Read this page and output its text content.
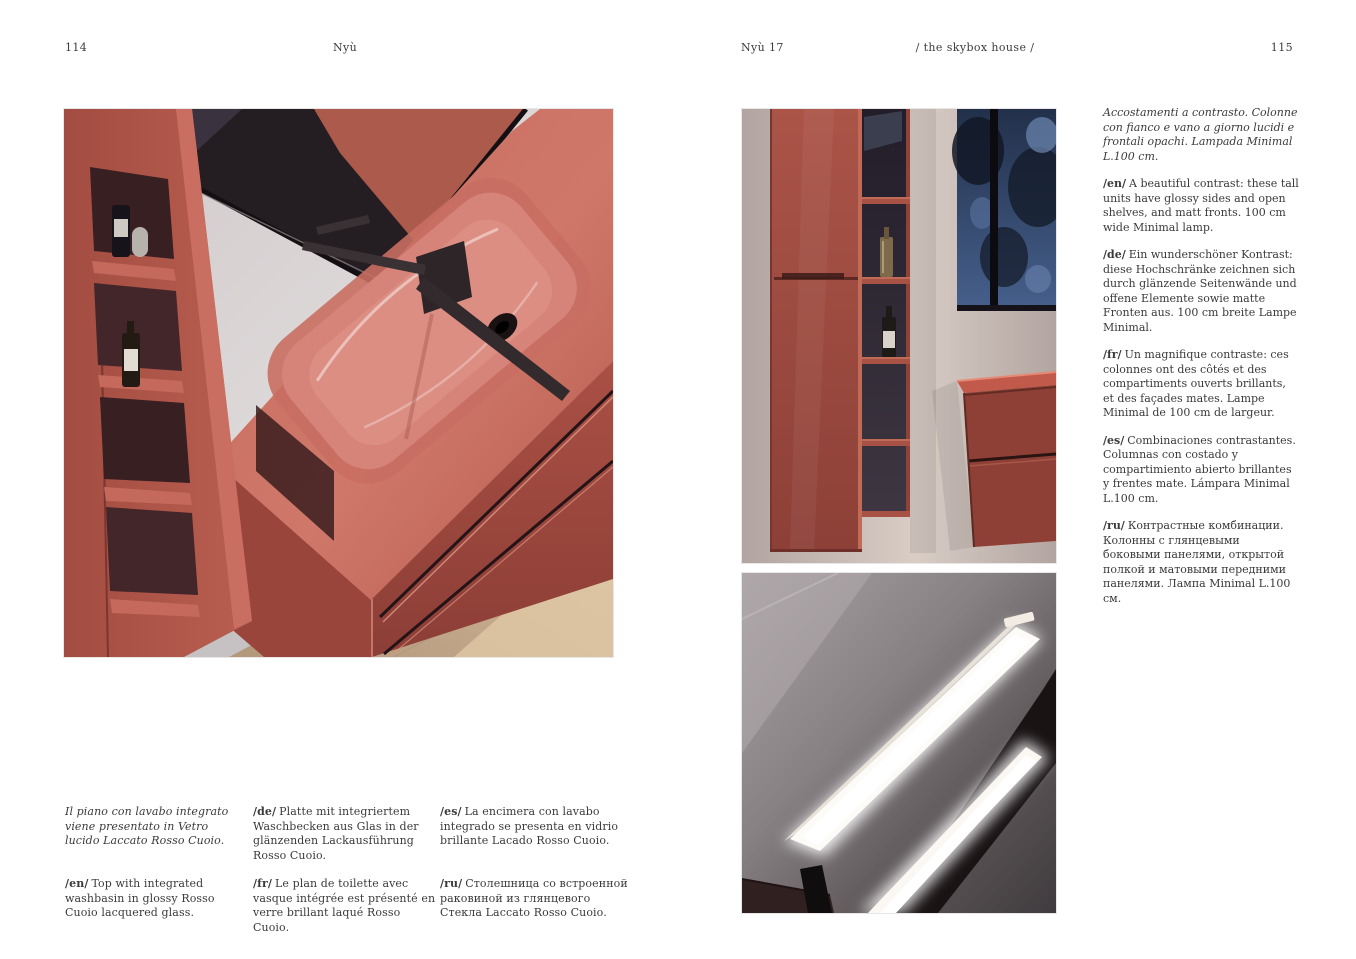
114	Nyù	Nyù 17	/ the skybox house /	115
Il piano con lavabo integrato viene presentato in Vetro lucido Laccato Rosso Cuoio.
/de/ Platte mit integriertem Waschbecken aus Glas in der glänzenden Lackausführung Rosso Cuoio.
/es/ La encimera con lavabo integrado se presenta en vidrio brillante Lacado Rosso Cuoio.
/en/ Top with integrated washbasin in glossy Rosso Cuoio lacquered glass.
/fr/ Le plan de toilette avec vasque intégrée est présenté en verre brillant laqué Rosso Cuoio.
/ru/ Столешница со встроенной раковиной из глянцевого Стекла Laccato Rosso Cuoio.
Accostamenti a contrasto. Colonne con fianco e vano a giorno lucidi e frontali opachi. Lampada Minimal L.100 cm.
/en/ A beautiful contrast: these tall units have glossy sides and open shelves, and matt fronts. 100 cm wide Minimal lamp.
/de/ Ein wunderschöner Kontrast: diese Hochschränke zeichnen sich durch glänzende Seitenwände und offene Elemente sowie matte Fronten aus. 100 cm breite Lampe Minimal.
/fr/ Un magnifique contraste: ces colonnes ont des côtés et des compartiments ouverts brillants, et des façades mates. Lampe Minimal de 100 cm de largeur.
/es/ Combinaciones contrastantes. Columnas con costado y compartimiento abierto brillantes y frentes mate. Lámpara Minimal L.100 cm.
/ru/ Контрастные комбинации. Колонны с глянцевыми боковыми панелями, открытой полкой и матовыми передними панелями. Лампа Minimal L.100 см.
